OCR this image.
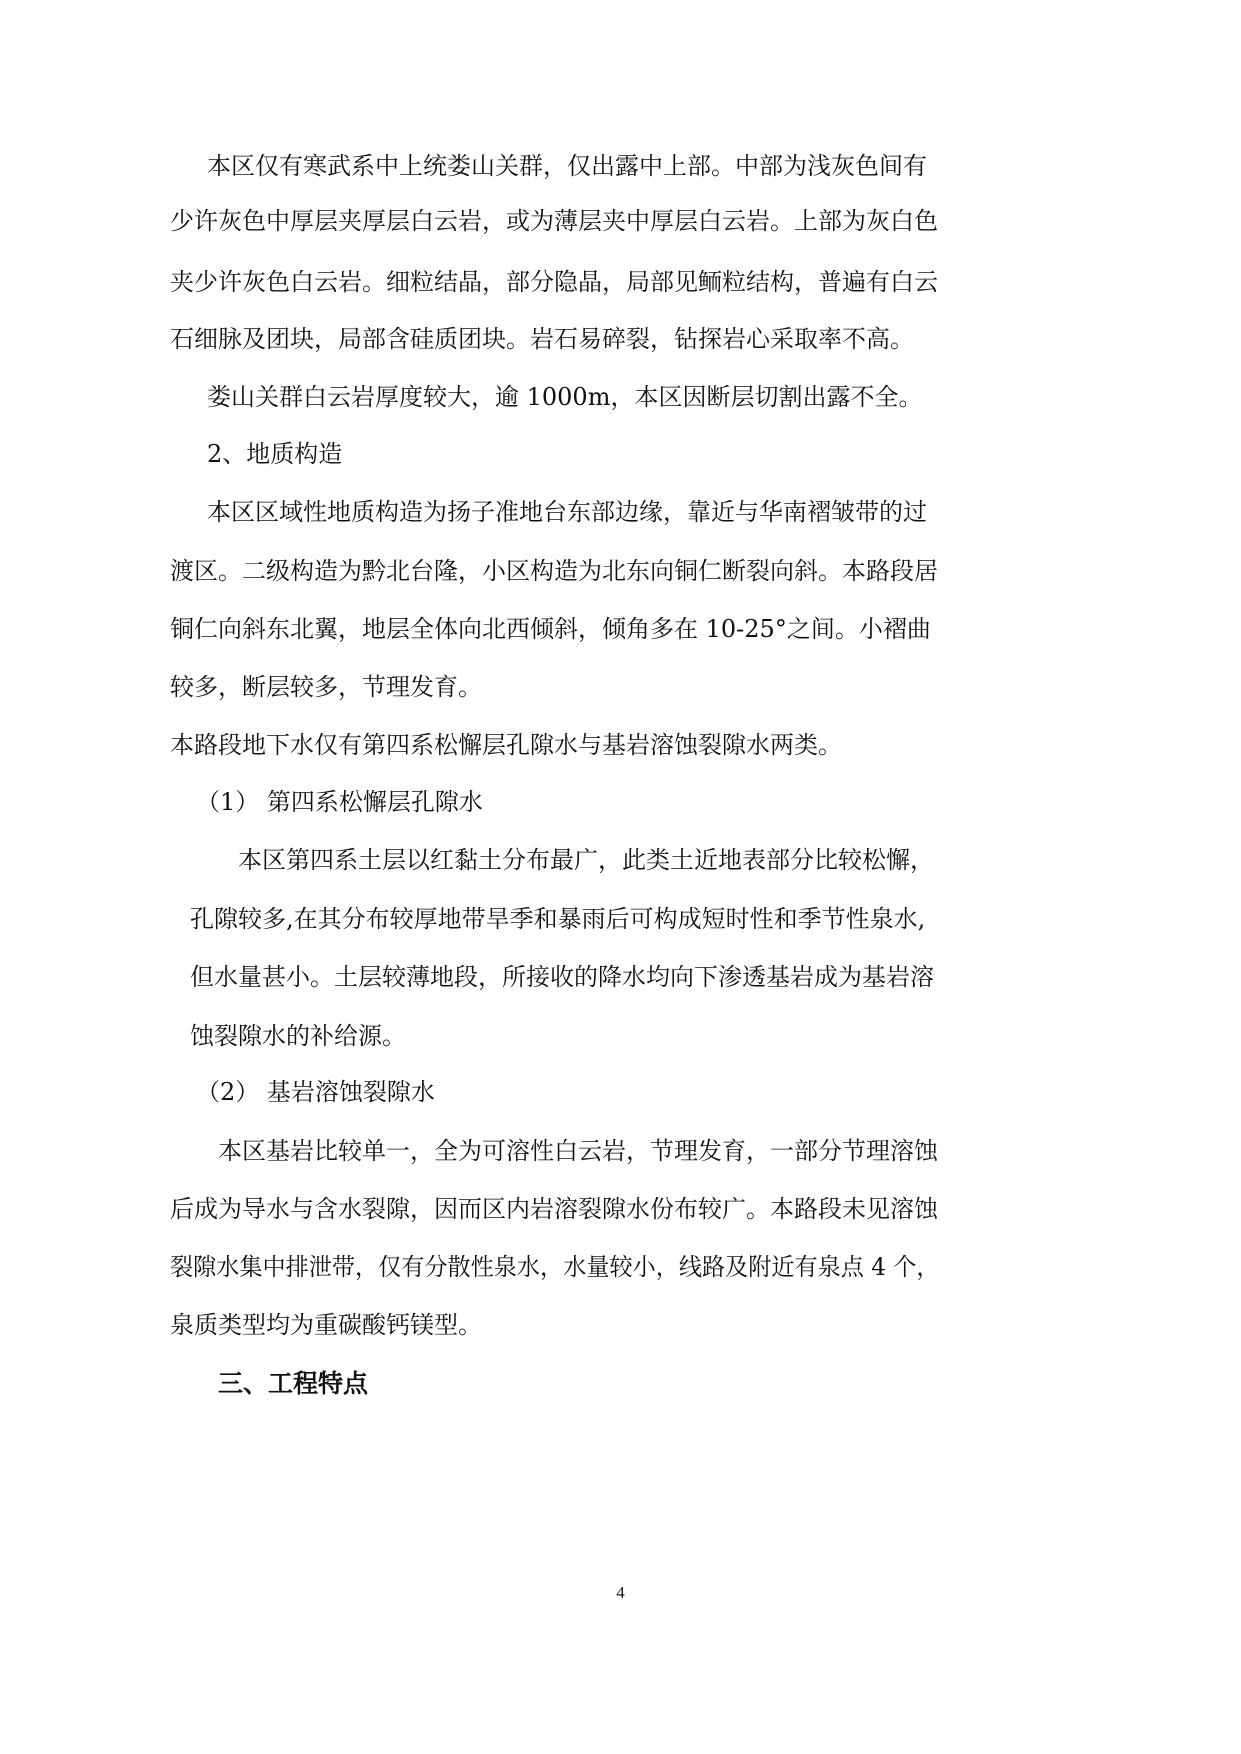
本区仅有寒武系中上统娄山关群，仅出露中上部。中部为浅灰色间有
少许灰色中厚层夹厚层白云岩，或为薄层夹中厚层白云岩。上部为灰白色
夹少许灰色白云岩。细粒结晶，部分隐晶，局部见鲕粒结构，普遍有白云
石细脉及团块，局部含硅质团块。岩石易碎裂，钻探岩心采取率不高。
娄山关群白云岩厚度较大，逾 1000m，本区因断层切割出露不全。
2、地质构造
本区区域性地质构造为扬子准地台东部边缘，靠近与华南褶皱带的过
渡区。二级构造为黔北台隆，小区构造为北东向铜仁断裂向斜。本路段居
铜仁向斜东北翼，地层全体向北西倾斜，倾角多在 10-25°之间。小褶曲
较多，断层较多，节理发育。
本路段地下水仅有第四系松懈层孔隙水与基岩溶蚀裂隙水两类。
（1） 第四系松懈层孔隙水
本区第四系土层以红黏土分布最广，此类土近地表部分比较松懈，
孔隙较多,在其分布较厚地带旱季和暴雨后可构成短时性和季节性泉水,
但水量甚小。土层较薄地段，所接收的降水均向下渗透基岩成为基岩溶
蚀裂隙水的补给源。
（2） 基岩溶蚀裂隙水
本区基岩比较单一，全为可溶性白云岩，节理发育，一部分节理溶蚀
后成为导水与含水裂隙，因而区内岩溶裂隙水份布较广。本路段未见溶蚀
裂隙水集中排泄带，仅有分散性泉水，水量较小，线路及附近有泉点 4 个，
泉质类型均为重碳酸钙镁型。
三、工程特点
4
